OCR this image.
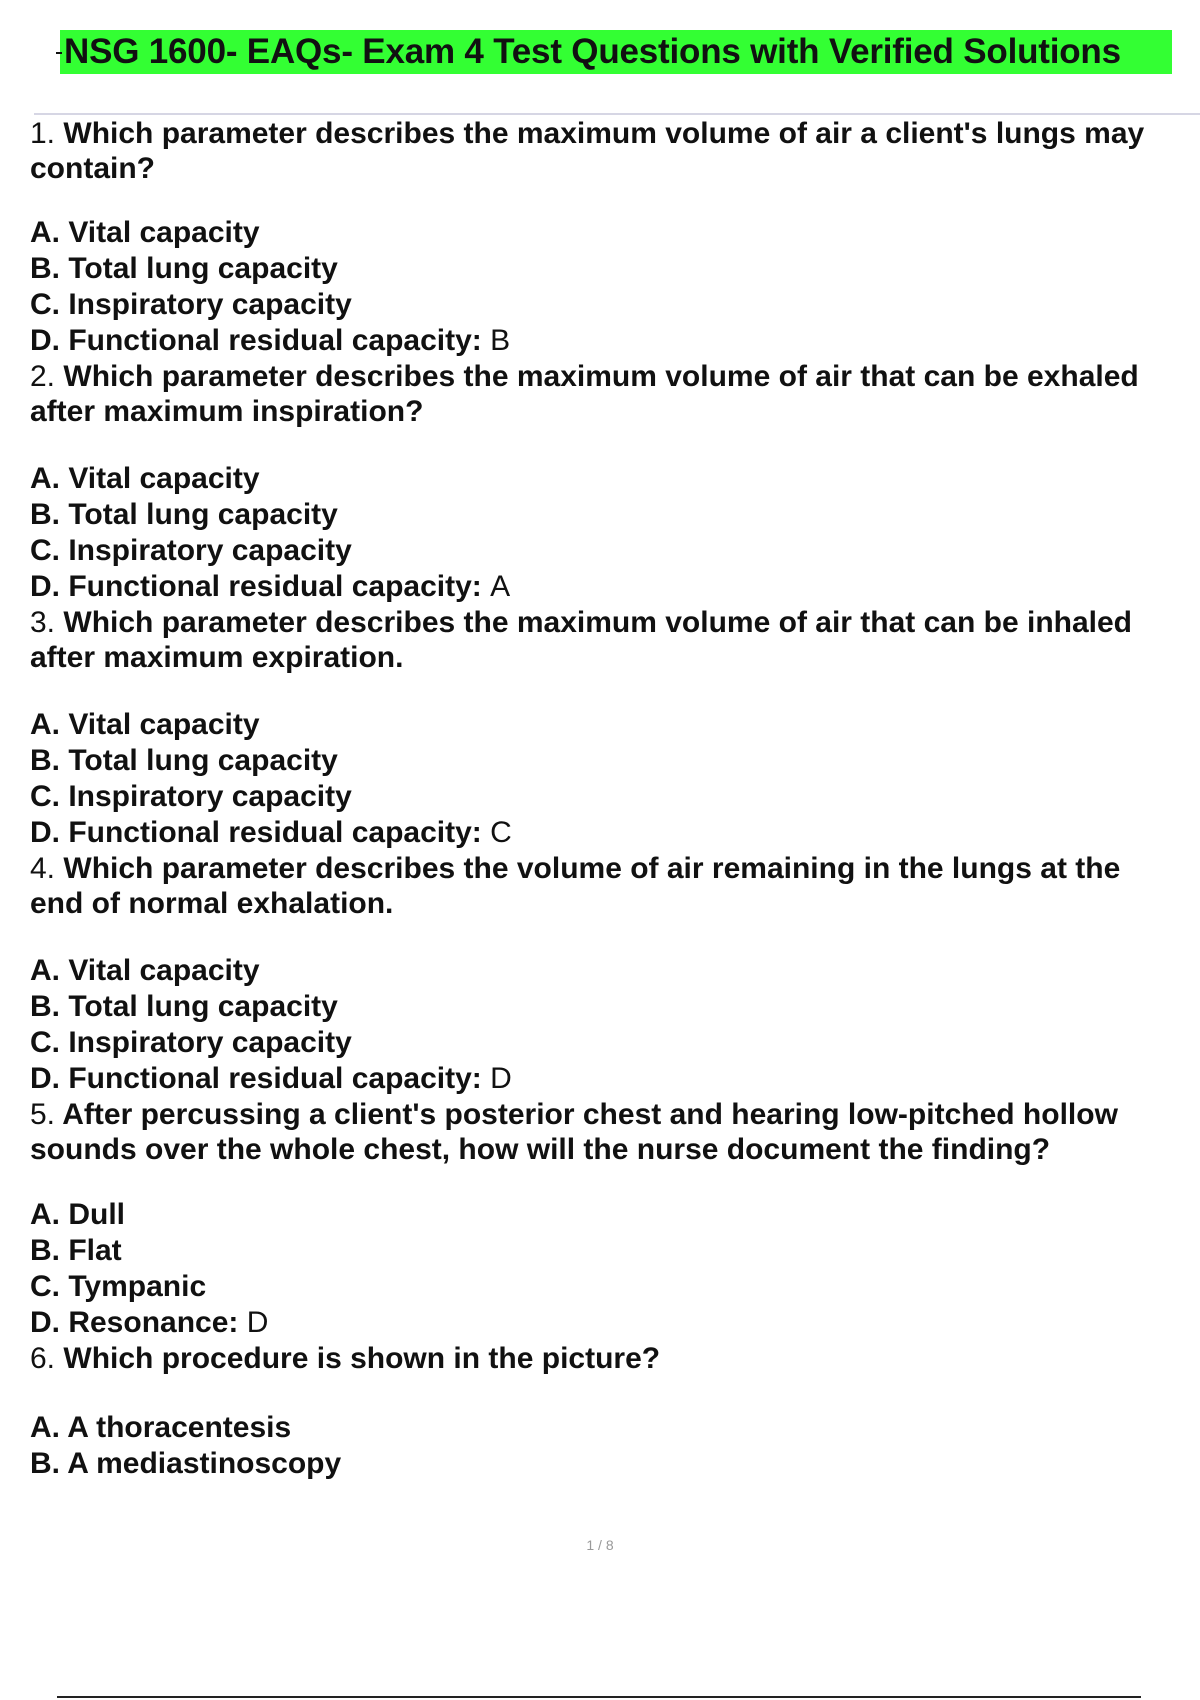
NSG 1600- EAQs- Exam 4 Test Questions with Verified Solutions

1. Which parameter describes the maximum volume of air a client's lungs may
contain?

A. Vital capacity
B. Total lung capacity
C. Inspiratory capacity
D. Functional residual capacity: B

2. Which parameter describes the maximum volume of air that can be exhaled
after maximum inspiration?

A. Vital capacity
B. Total lung capacity
C. Inspiratory capacity
D. Functional residual capacity: A

3. Which parameter describes the maximum volume of air that can be inhaled
after maximum expiration.

A. Vital capacity
B. Total lung capacity
C. Inspiratory capacity
D. Functional residual capacity: C

4. Which parameter describes the volume of air remaining in the lungs at the
end of normal exhalation.

A. Vital capacity
B. Total lung capacity
C. Inspiratory capacity
D. Functional residual capacity: D

5. After percussing a client's posterior chest and hearing low-pitched hollow
sounds over the whole chest, how will the nurse document the finding?

A. Dull
B. Flat
C. Tympanic
D. Resonance: D

6. Which procedure is shown in the picture?

A. A thoracentesis
B. A mediastinoscopy
1 / 8
